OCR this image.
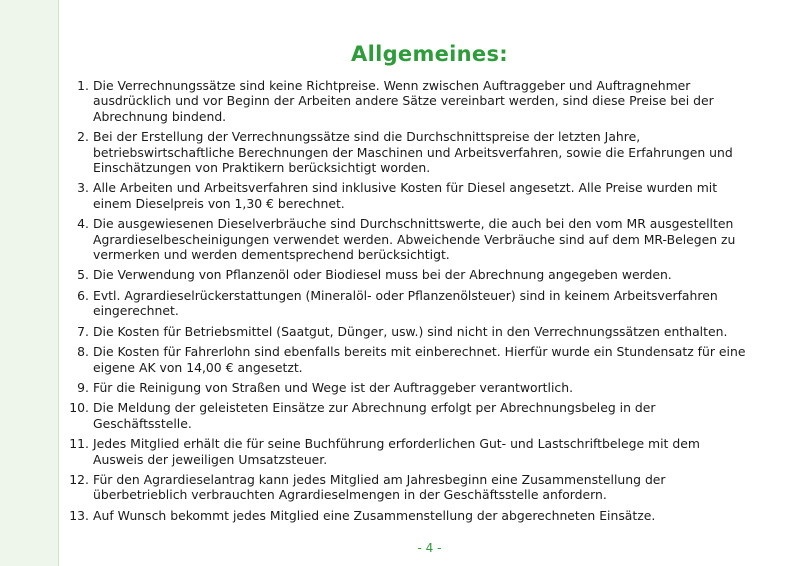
Allgemeines:
1. Die Verrechnungssätze sind keine Richtpreise. Wenn zwischen Auftraggeber und Auftragnehmer ausdrücklich und vor Beginn der Arbeiten andere Sätze vereinbart werden, sind diese Preise bei der Abrechnung bindend.
2. Bei der Erstellung der Verrechnungssätze sind die Durchschnittspreise der letzten Jahre, betriebswirtschaftliche Berechnungen der Maschinen und Arbeitsverfahren, sowie die Erfahrungen und Einschätzungen von Praktikern berücksichtigt worden.
3. Alle Arbeiten und Arbeitsverfahren sind inklusive Kosten für Diesel angesetzt. Alle Preise wurden mit einem Dieselpreis von 1,30 € berechnet.
4. Die ausgewiesenen Dieselverbräuche sind Durchschnittswerte, die auch bei den vom MR ausgestellten Agrardieselbescheinigungen verwendet werden. Abweichende Verbräuche sind auf dem MR-Belegen zu vermerken und werden dementsprechend berücksichtigt.
5. Die Verwendung von Pflanzenöl oder Biodiesel muss bei der Abrechnung angegeben werden.
6. Evtl. Agrardieselrückerstattungen (Mineralöl- oder Pflanzenölsteuer) sind in keinem Arbeitsverfahren eingerechnet.
7. Die Kosten für Betriebsmittel (Saatgut, Dünger, usw.) sind nicht in den Verrechnungssätzen enthalten.
8. Die Kosten für Fahrerlohn sind ebenfalls bereits mit einberechnet. Hierfür wurde ein Stundensatz für eine eigene AK von 14,00 € angesetzt.
9. Für die Reinigung von Straßen und Wege ist der Auftraggeber verantwortlich.
10. Die Meldung der geleisteten Einsätze zur Abrechnung erfolgt per Abrechnungsbeleg in der Geschäftsstelle.
11. Jedes Mitglied erhält die für seine Buchführung erforderlichen Gut- und Lastschriftbelege mit dem Ausweis der jeweiligen Umsatzsteuer.
12. Für den Agrardieselantrag kann jedes Mitglied am Jahresbeginn eine Zusammenstellung der überbetrieblich verbrauchten Agrardieselmengen in der Geschäftsstelle anfordern.
13. Auf Wunsch bekommt jedes Mitglied eine Zusammenstellung der abgerechneten Einsätze.
- 4 -
